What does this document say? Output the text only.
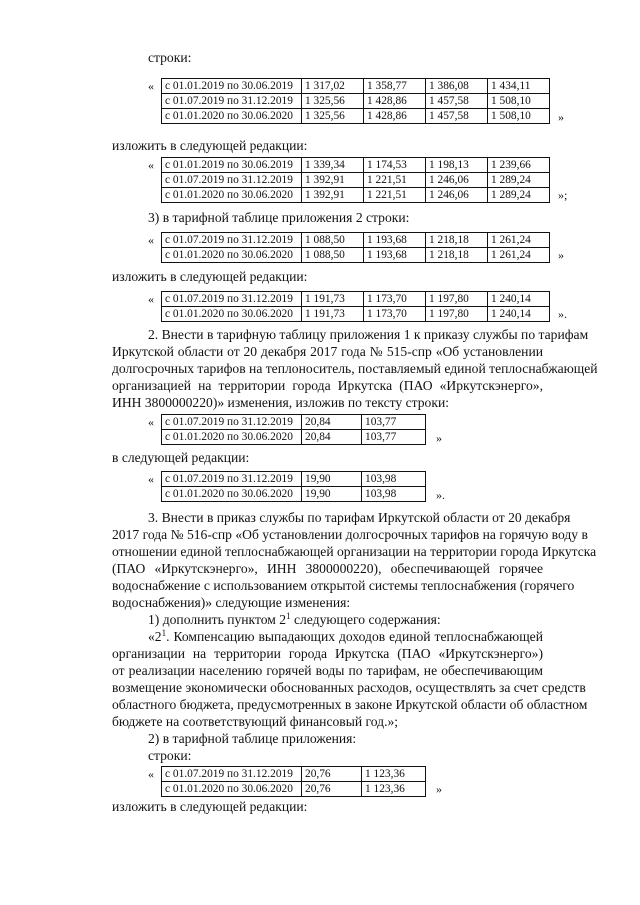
строки:
« с 01.01.2019 по 30.06.2019	1 317,02	1 358,77	1 386,08	1 434,11
с 01.07.2019 по 31.12.2019	1 325,56	1 428,86	1 457,58	1 508,10
с 01.01.2020 по 30.06.2020	1 325,56	1 428,86	1 457,58	1 508,10 »
изложить в следующей редакции:
« с 01.01.2019 по 30.06.2019	1 339,34	1 174,53	1 198,13	1 239,66
с 01.07.2019 по 31.12.2019	1 392,91	1 221,51	1 246,06	1 289,24
с 01.01.2020 по 30.06.2020	1 392,91	1 221,51	1 246,06	1 289,24 »;
3) в тарифной таблице приложения 2 строки:
« с 01.07.2019 по 31.12.2019	1 088,50	1 193,68	1 218,18	1 261,24
с 01.01.2020 по 30.06.2020	1 088,50	1 193,68	1 218,18	1 261,24 »
изложить в следующей редакции:
« с 01.07.2019 по 31.12.2019	1 191,73	1 173,70	1 197,80	1 240,14
с 01.01.2020 по 30.06.2020	1 191,73	1 173,70	1 197,80	1 240,14 ».
2. Внести в тарифную таблицу приложения 1 к приказу службы по тарифам
Иркутской области от 20 декабря 2017 года № 515-спр «Об установлении
долгосрочных тарифов на теплоноситель, поставляемый единой теплоснабжающей
организацией на территории города Иркутска (ПАО «Иркутскэнерго»,
ИНН 3800000220)» изменения, изложив по тексту строки:
« с 01.07.2019 по 31.12.2019	20,84	103,77
с 01.01.2020 по 30.06.2020	20,84	103,77	»
в следующей редакции:
« с 01.07.2019 по 31.12.2019	19,90	103,98
с 01.01.2020 по 30.06.2020	19,90	103,98	».
3. Внести в приказ службы по тарифам Иркутской области от 20 декабря
2017 года № 516-спр «Об установлении долгосрочных тарифов на горячую воду в
отношении единой теплоснабжающей организации на территории города Иркутска
(ПАО «Иркутскэнерго», ИНН 3800000220), обеспечивающей горячее
водоснабжение с использованием открытой системы теплоснабжения (горячего
водоснабжения)» следующие изменения:
1) дополнить пунктом $2^1$ следующего содержания:
«$2^1$. Компенсацию выпадающих доходов единой теплоснабжающей
организации на территории города Иркутска (ПАО «Иркутскэнерго»)
от реализации населению горячей воды по тарифам, не обеспечивающим
возмещение экономически обоснованных расходов, осуществлять за счет средств
областного бюджета, предусмотренных в законе Иркутской области об областном
бюджете на соответствующий финансовый год.»;
2) в тарифной таблице приложения:
строки:
« с 01.07.2019 по 31.12.2019	20,76	1 123,36
с 01.01.2020 по 30.06.2020	20,76	1 123,36	»
изложить в следующей редакции:
